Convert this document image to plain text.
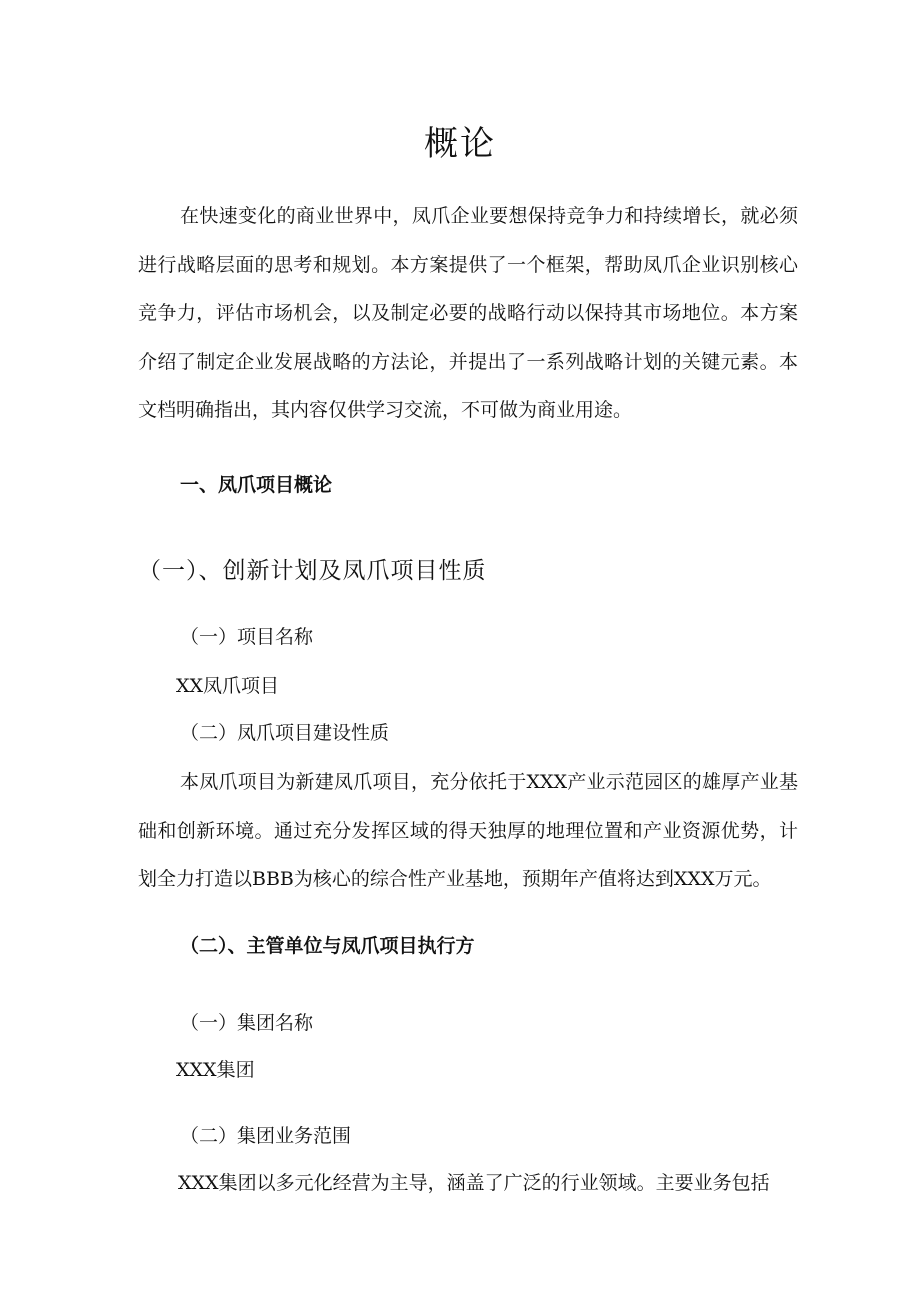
概论

在快速变化的商业世界中，凤爪企业要想保持竞争力和持续增长，就必须进行战略层面的思考和规划。本方案提供了一个框架，帮助凤爪企业识别核心竞争力，评估市场机会，以及制定必要的战略行动以保持其市场地位。本方案介绍了制定企业发展战略的方法论，并提出了一系列战略计划的关键元素。本文档明确指出，其内容仅供学习交流，不可做为商业用途。

一、凤爪项目概论
（一）、创新计划及凤爪项目性质

（一）项目名称

XX凤爪项目

（二）凤爪项目建设性质

本凤爪项目为新建凤爪项目，充分依托于XXX产业示范园区的雄厚产业基础和创新环境。通过充分发挥区域的得天独厚的地理位置和产业资源优势，计划全力打造以BBB为核心的综合性产业基地，预期年产值将达到XXX万元。

（二）、主管单位与凤爪项目执行方

（一）集团名称

XXX集团

（二）集团业务范围

XXX集团以多元化经营为主导，涵盖了广泛的行业领域。主要业务包括
